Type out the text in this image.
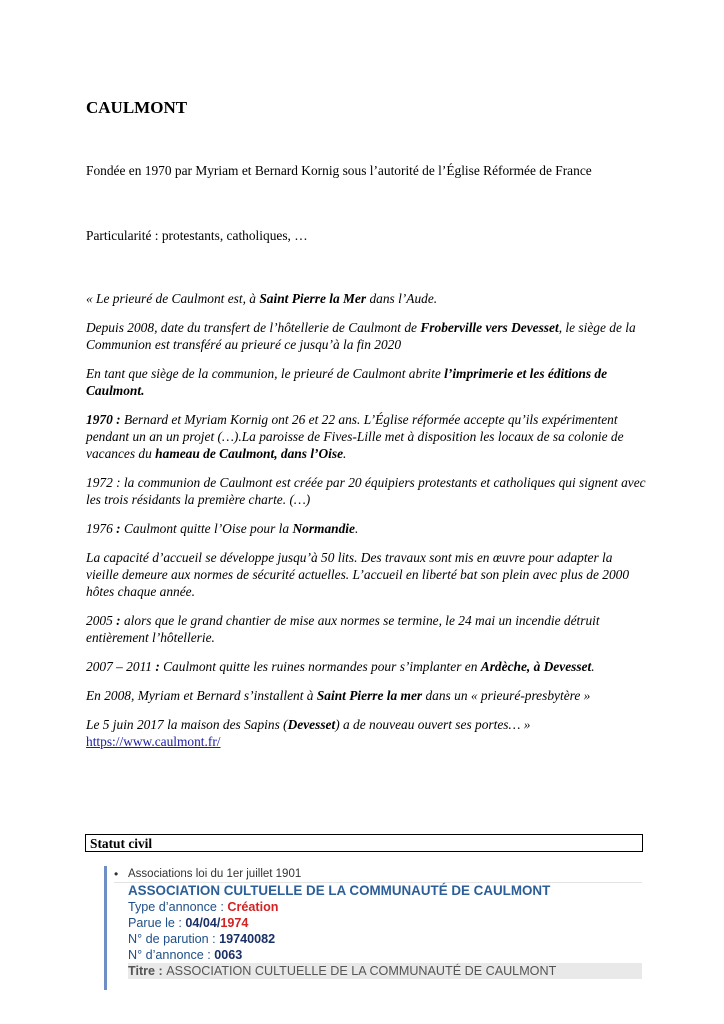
CAULMONT

Fondée en 1970 par Myriam et Bernard Kornig sous l’autorité de l’Église Réformée de France

Particularité : protestants, catholiques, …

« Le prieuré de Caulmont est, à Saint Pierre la Mer dans l’Aude.

Depuis 2008, date du transfert de l’hôtellerie de Caulmont de Froberville vers Devesset, le siège de la Communion est transféré au prieuré ce jusqu’à la fin 2020

En tant que siège de la communion, le prieuré de Caulmont abrite l’imprimerie et les éditions de Caulmont.

1970 : Bernard et Myriam Kornig ont 26 et 22 ans. L’Église réformée accepte qu’ils expérimentent pendant un an un projet (…).La paroisse de Fives-Lille met à disposition les locaux de sa colonie de vacances du hameau de Caulmont, dans l’Oise.

1972 : la communion de Caulmont est créée par 20 équipiers protestants et catholiques qui signent avec les trois résidants la première charte. (…)

1976 : Caulmont quitte l’Oise pour la Normandie.

La capacité d’accueil se développe jusqu’à 50 lits. Des travaux sont mis en œuvre pour adapter la vieille demeure aux normes de sécurité actuelles. L’accueil en liberté bat son plein avec plus de 2000 hôtes chaque année.

2005 : alors que le grand chantier de mise aux normes se termine, le 24 mai un incendie détruit entièrement l’hôtellerie.

2007 – 2011 : Caulmont quitte les ruines normandes pour s’implanter en Ardèche, à Devesset.

En 2008, Myriam et Bernard s’installent à Saint Pierre la mer dans un « prieuré-presbytère »

Le 5 juin 2017 la maison des Sapins (Devesset) a de nouveau ouvert ses portes… »
https://www.caulmont.fr/

Statut civil
• Associations loi du 1er juillet 1901
ASSOCIATION CULTUELLE DE LA COMMUNAUTÉ DE CAULMONT
Type d’annonce : Création
Parue le : 04/04/1974
N° de parution : 19740082
N° d’annonce : 0063
Titre : ASSOCIATION CULTUELLE DE LA COMMUNAUTÉ DE CAULMONT
